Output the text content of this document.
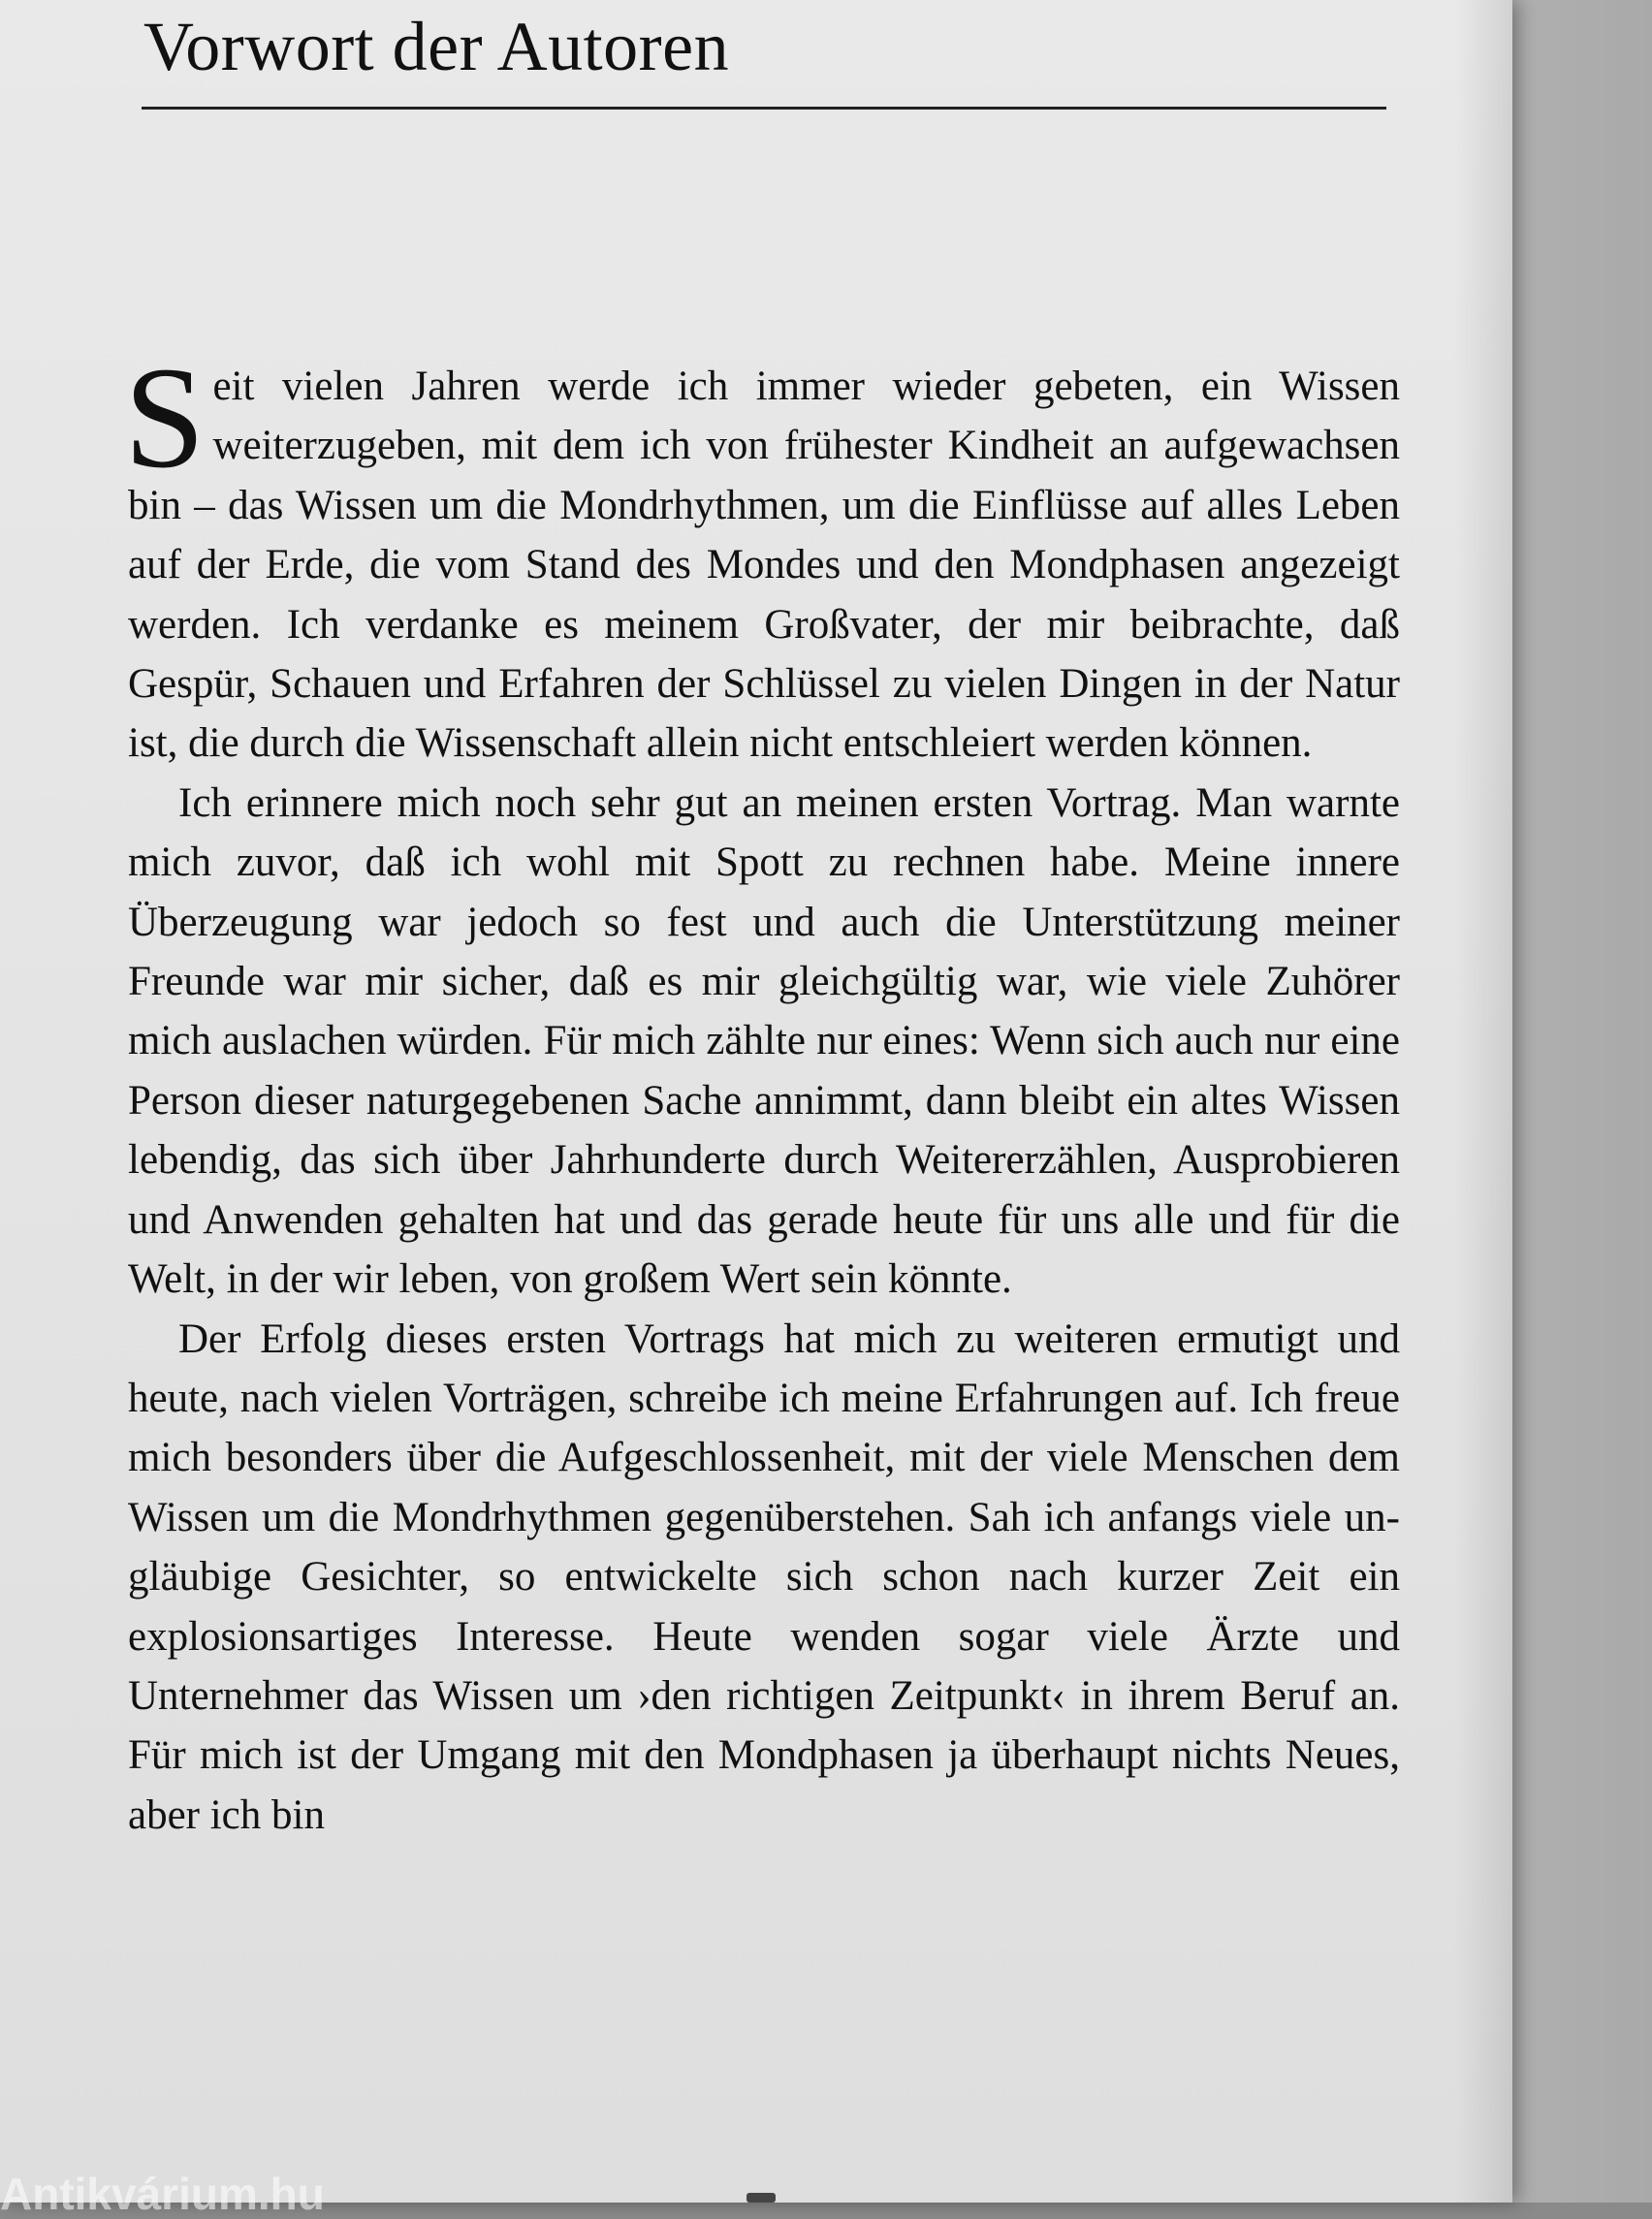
Vorwort der Autoren

Seit vielen Jahren werde ich immer wieder gebeten, ein Wissen weiterzugeben, mit dem ich von frühester Kindheit an aufgewachsen bin – das Wissen um die Mondrhythmen, um die Einflüsse auf alles Leben auf der Erde, die vom Stand des Mondes und den Mondphasen angezeigt werden. Ich verdanke es meinem Großvater, der mir beibrachte, daß Gespür, Schauen und Erfahren der Schlüssel zu vielen Dingen in der Natur ist, die durch die Wissenschaft allein nicht entschleiert werden können.

Ich erinnere mich noch sehr gut an meinen ersten Vortrag. Man warnte mich zuvor, daß ich wohl mit Spott zu rechnen habe. Meine innere Überzeugung war jedoch so fest und auch die Unterstützung meiner Freunde war mir sicher, daß es mir gleichgültig war, wie viele Zuhörer mich auslachen würden. Für mich zählte nur eines: Wenn sich auch nur eine Person dieser naturgegebenen Sache annimmt, dann bleibt ein altes Wissen lebendig, das sich über Jahrhunderte durch Weitererzählen, Ausprobieren und Anwenden gehalten hat und das gerade heute für uns alle und für die Welt, in der wir leben, von großem Wert sein könnte.

Der Erfolg dieses ersten Vortrags hat mich zu weiteren ermutigt und heute, nach vielen Vorträgen, schreibe ich meine Erfahrungen auf. Ich freue mich besonders über die Aufgeschlossenheit, mit der viele Menschen dem Wissen um die Mondrhythmen gegenüberstehen. Sah ich anfangs viele ungläubige Gesichter, so entwickelte sich schon nach kurzer Zeit ein explosionsartiges Interesse. Heute wenden sogar viele Ärzte und Unternehmer das Wissen um ›den richtigen Zeitpunkt‹ in ihrem Beruf an. Für mich ist der Umgang mit den Mondphasen ja überhaupt nichts Neues, aber ich bin

Antikvárium.hu
